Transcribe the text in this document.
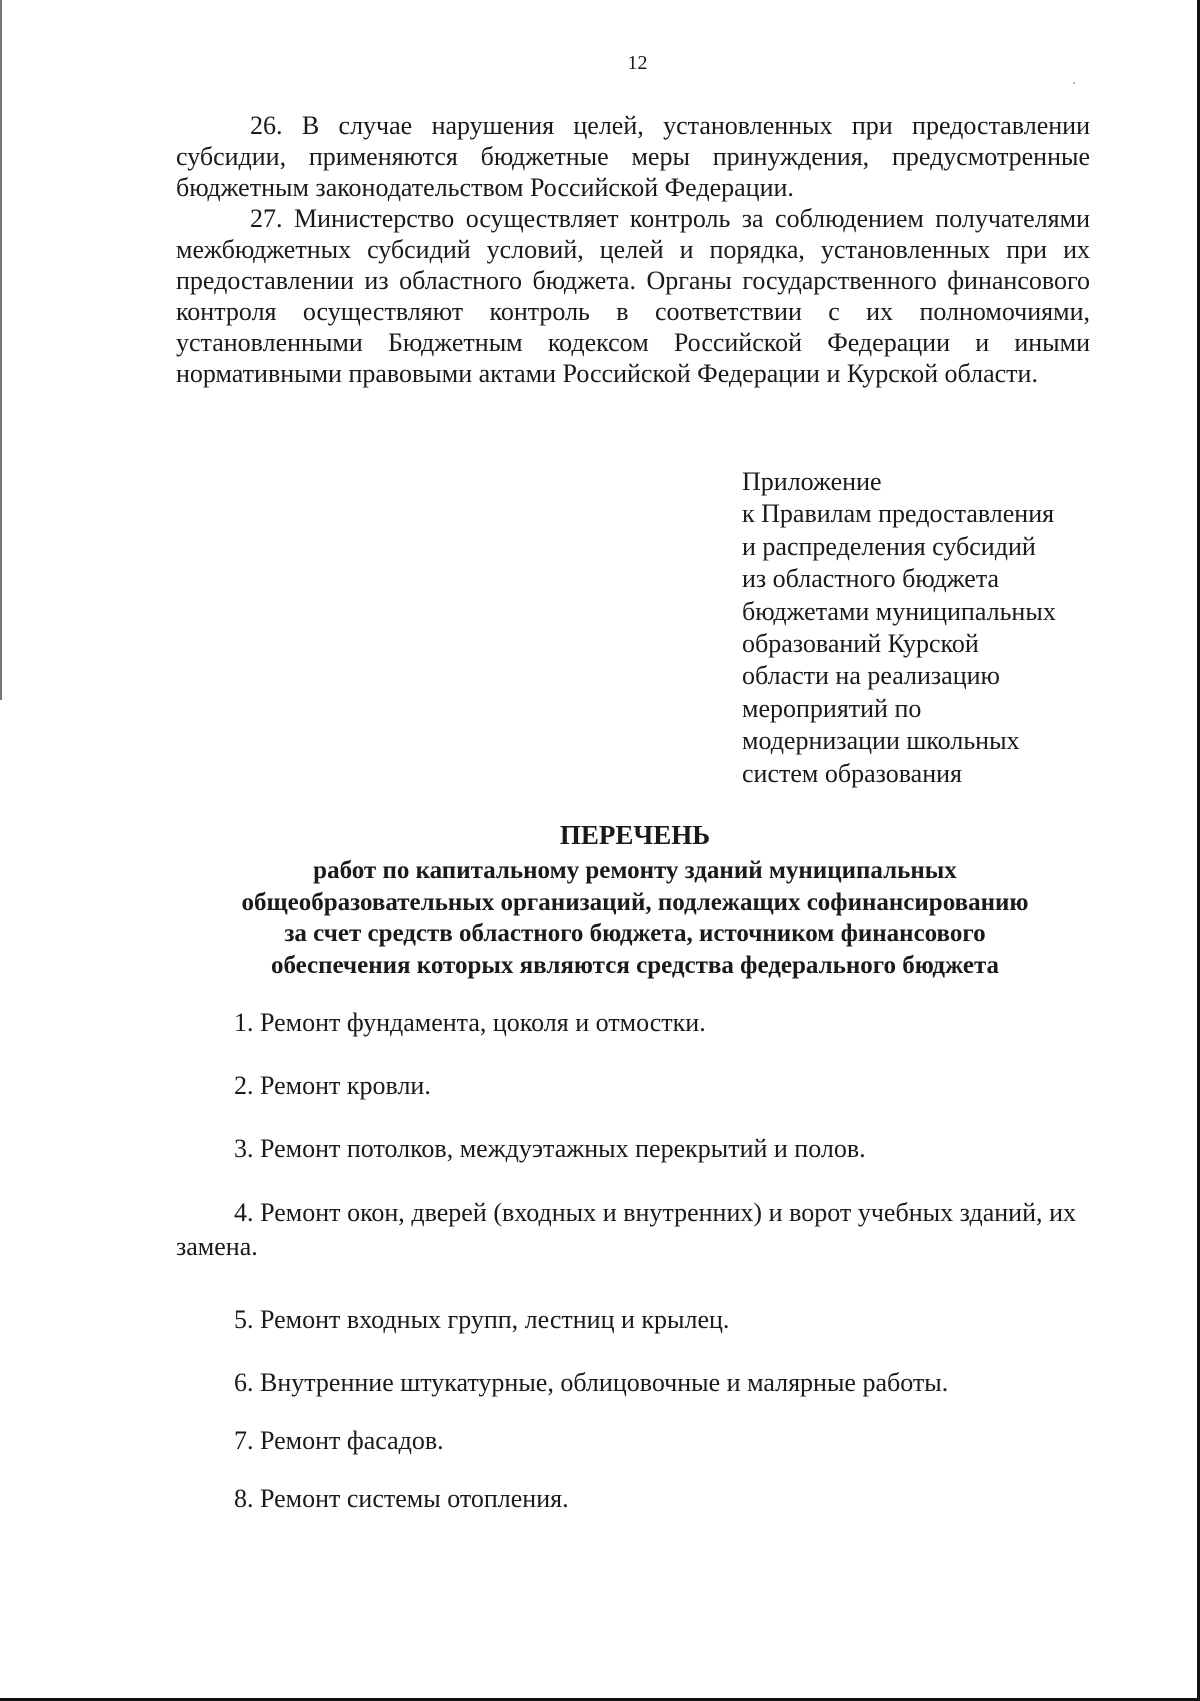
12

26. В случае нарушения целей, установленных при предоставлении субсидии, применяются бюджетные меры принуждения, предусмотренные бюджетным законодательством Российской Федерации.

27. Министерство осуществляет контроль за соблюдением получателями межбюджетных субсидий условий, целей и порядка, установленных при их предоставлении из областного бюджета. Органы государственного финансового контроля осуществляют контроль в соответствии с их полномочиями, установленными Бюджетным кодексом Российской Федерации и иными нормативными правовыми актами Российской Федерации и Курской области.

Приложение
к Правилам предоставления
и распределения субсидий
из областного бюджета
бюджетами муниципальных
образований Курской
области на реализацию
мероприятий по
модернизации школьных
систем образования
ПЕРЕЧЕНЬ
работ по капитальному ремонту зданий муниципальных
общеобразовательных организаций, подлежащих софинансированию
за счет средств областного бюджета, источником финансового
обеспечения которых являются средства федерального бюджета
1. Ремонт фундамента, цоколя и отмостки.
2. Ремонт кровли.
3. Ремонт потолков, междуэтажных перекрытий и полов.
4. Ремонт окон, дверей (входных и внутренних) и ворот учебных зданий, их замена.
5. Ремонт входных групп, лестниц и крылец.
6. Внутренние штукатурные, облицовочные и малярные работы.
7. Ремонт фасадов.
8. Ремонт системы отопления.
